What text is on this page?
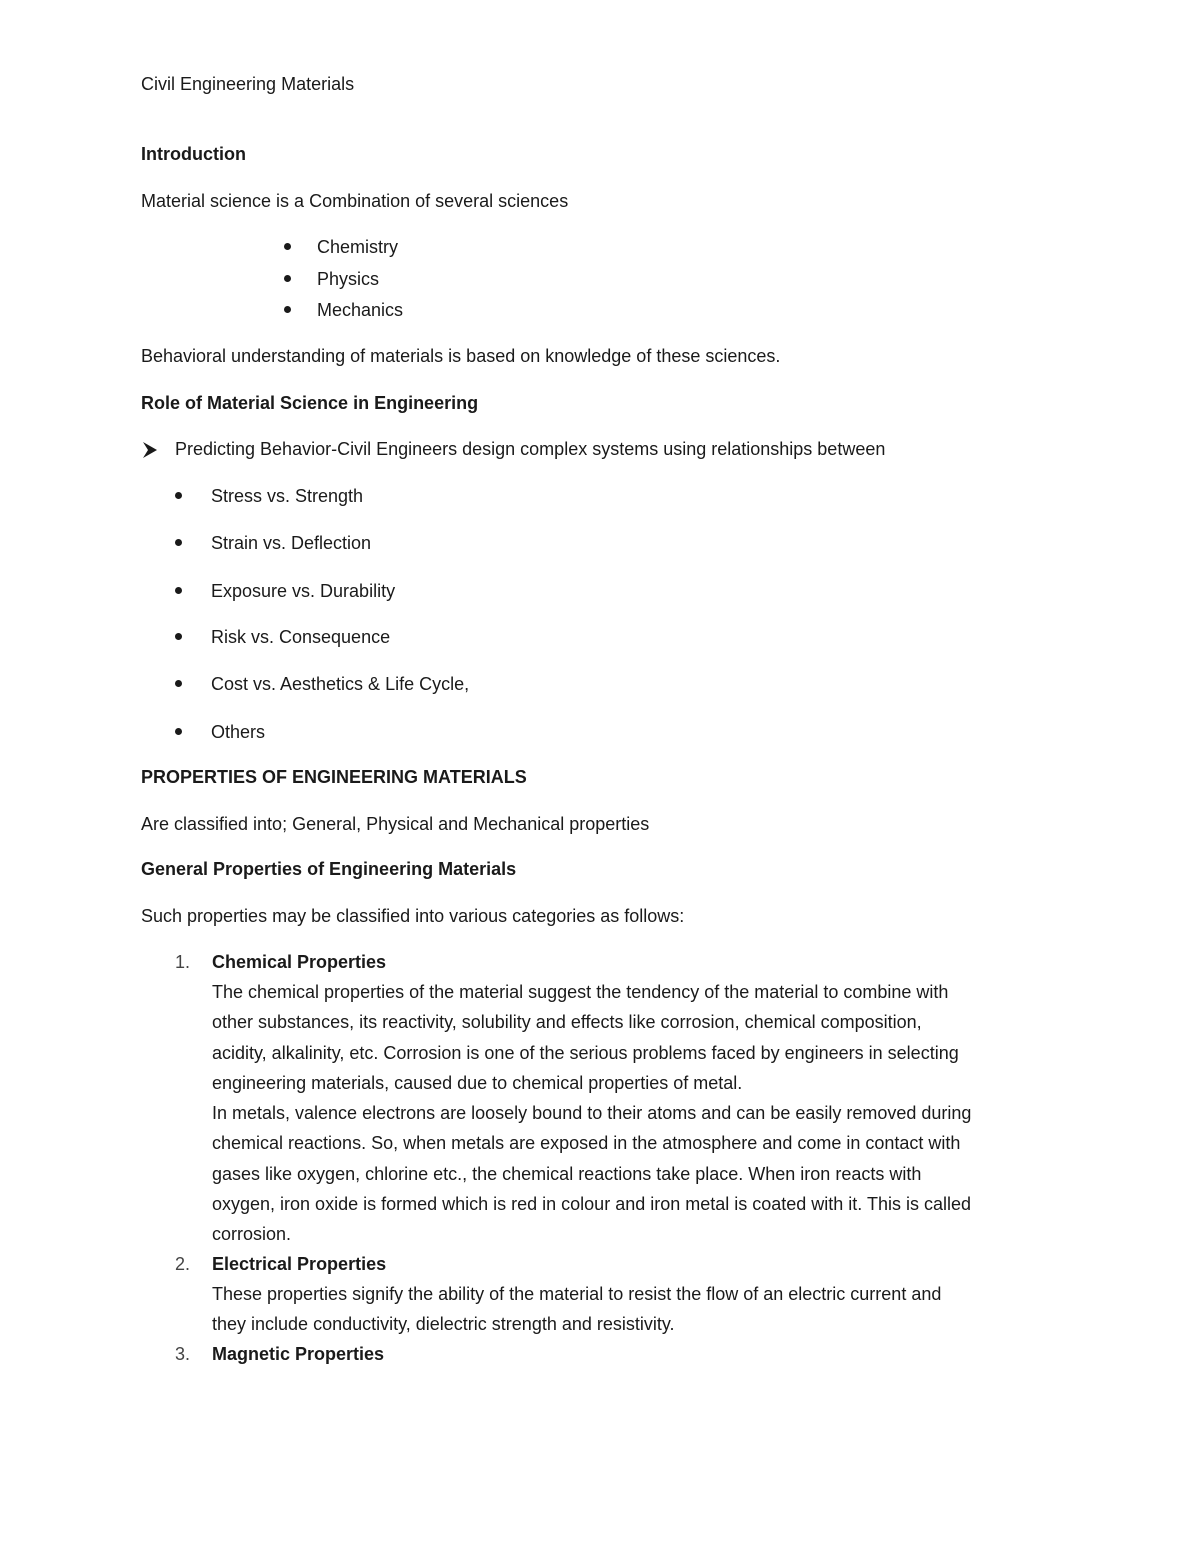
Civil Engineering Materials
Introduction
Material science is a Combination of several sciences
Chemistry
Physics
Mechanics
Behavioral understanding of materials is based on knowledge of these sciences.
Role of Material Science in Engineering
Predicting Behavior-Civil Engineers design complex systems using relationships between
Stress vs. Strength
Strain vs. Deflection
Exposure vs. Durability
Risk vs. Consequence
Cost vs. Aesthetics & Life Cycle,
Others
PROPERTIES OF ENGINEERING MATERIALS
Are classified into; General, Physical and Mechanical properties
General Properties of Engineering Materials
Such properties may be classified into various categories as follows:
1. Chemical Properties
The chemical properties of the material suggest the tendency of the material to combine with
other substances, its reactivity, solubility and effects like corrosion, chemical composition,
acidity, alkalinity, etc. Corrosion is one of the serious problems faced by engineers in selecting
engineering materials, caused due to chemical properties of metal.
In metals, valence electrons are loosely bound to their atoms and can be easily removed during
chemical reactions. So, when metals are exposed in the atmosphere and come in contact with
gases like oxygen, chlorine etc., the chemical reactions take place. When iron reacts with
oxygen, iron oxide is formed which is red in colour and iron metal is coated with it. This is called
corrosion.
2. Electrical Properties
These properties signify the ability of the material to resist the flow of an electric current and
they include conductivity, dielectric strength and resistivity.
3. Magnetic Properties
